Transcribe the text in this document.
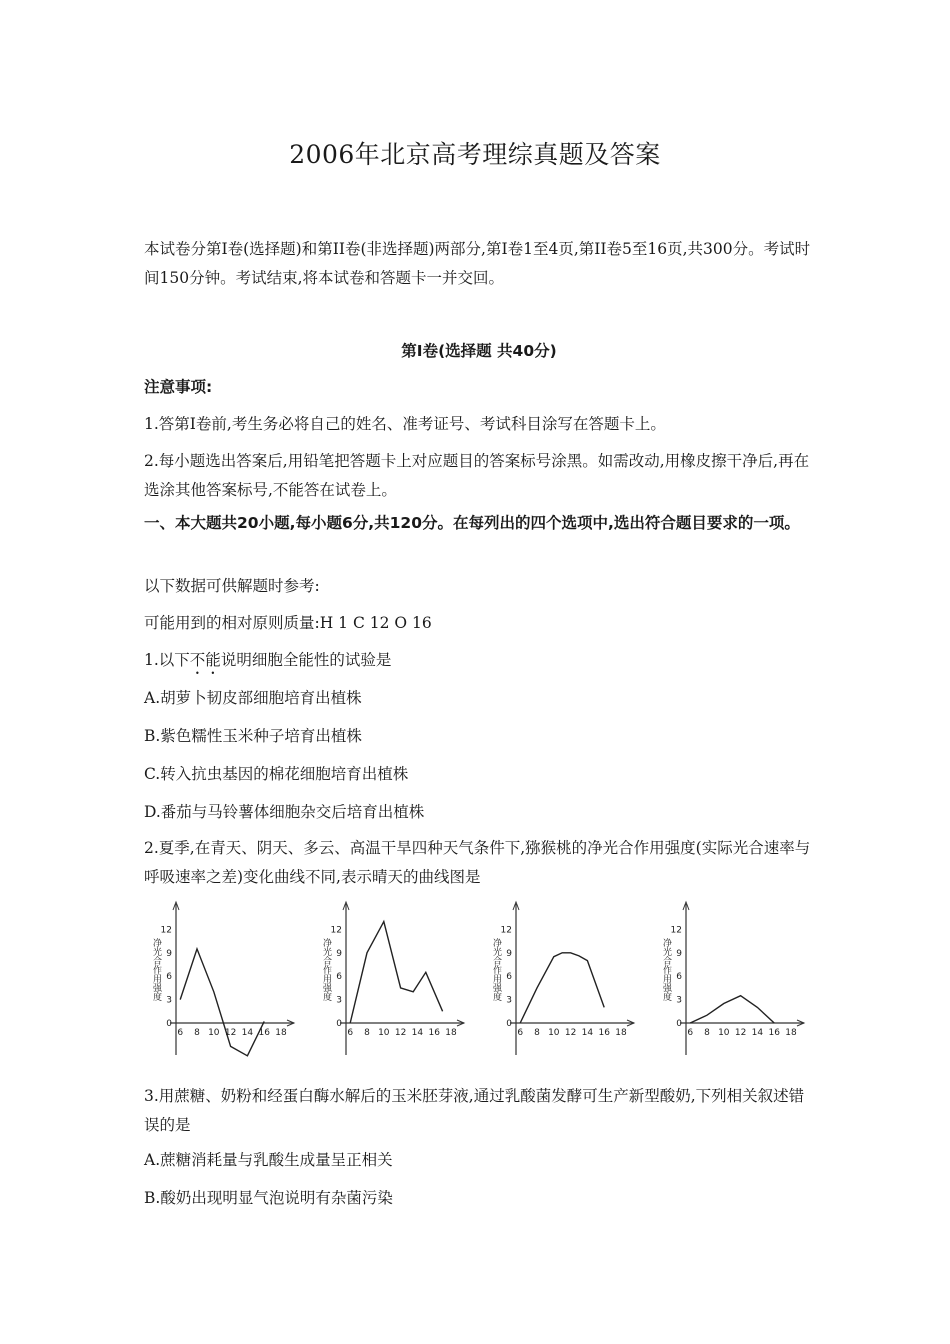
2006年北京高考理综真题及答案

本试卷分第Ⅰ卷(选择题)和第II卷(非选择题)两部分,第Ⅰ卷1至4页,第II卷5至16页,共300分。考试时间150分钟。考试结束,将本试卷和答题卡一并交回。

第Ⅰ卷(选择题 共40分)

注意事项:

1.答第Ⅰ卷前,考生务必将自己的姓名、准考证号、考试科目涂写在答题卡上。

2.每小题选出答案后,用铅笔把答题卡上对应题目的答案标号涂黑。如需改动,用橡皮擦干净后,再在选涂其他答案标号,不能答在试卷上。

一、本大题共20小题,每小题6分,共120分。在每列出的四个选项中,选出符合题目要求的一项。

以下数据可供解题时参考:

可能用到的相对原则质量:H 1 C 12 O 16

1.以下不能说明细胞全能性的试验是

A.胡萝卜韧皮部细胞培育出植株

B.紫色糯性玉米种子培育出植株

C.转入抗虫基因的棉花细胞培育出植株

D.番茄与马铃薯体细胞杂交后培育出植株

2.夏季,在青天、阴天、多云、高温干旱四种天气条件下,猕猴桃的净光合作用强度(实际光合速率与呼吸速率之差)变化曲线不同,表示晴天的曲线图是

12
9
6
3
0
6 8 10 12 14 16 18
净光合作用强度
12
9
6
3
0
6 8 10 12 14 16 18
净光合作用强度
12
9
6
3
0
6 8 10 12 14 16 18
净光合作用强度
12
9
6
3
0
6 8 10 12 14 16 18
净光合作用强度

3.用蔗糖、奶粉和经蛋白酶水解后的玉米胚芽液,通过乳酸菌发酵可生产新型酸奶,下列相关叙述错误的是

A.蔗糖消耗量与乳酸生成量呈正相关

B.酸奶出现明显气泡说明有杂菌污染
